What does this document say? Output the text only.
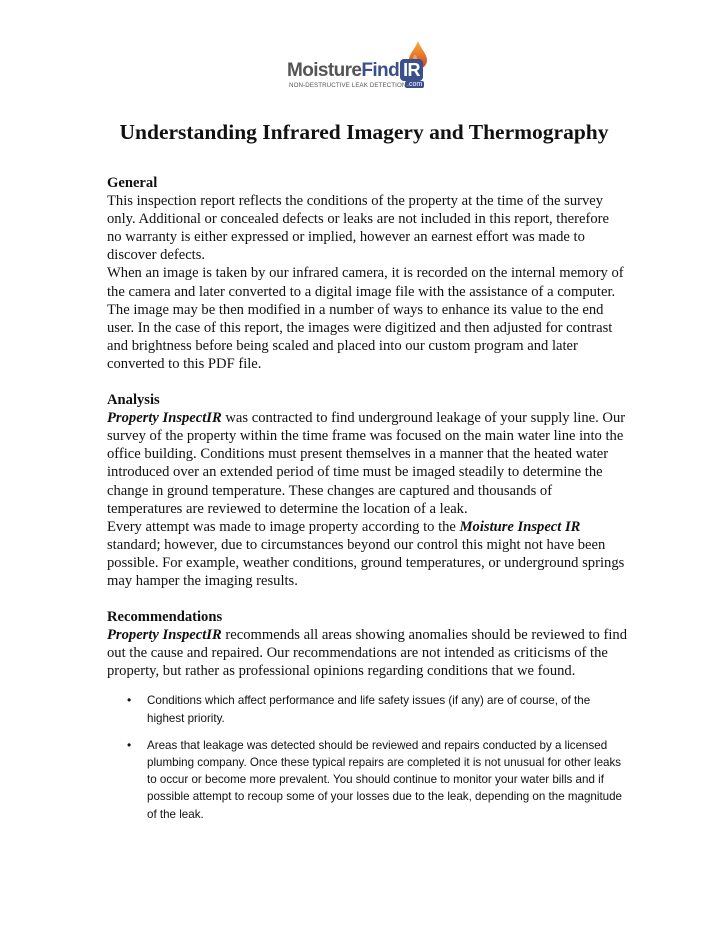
MoistureFind IR
.com
NON-DESTRUCTIVE LEAK DETECTION
Understanding Infrared Imagery and Thermography
General

This inspection report reflects the conditions of the property at the time of the survey only. Additional or concealed defects or leaks are not included in this report, therefore no warranty is either expressed or implied, however an earnest effort was made to discover defects.

When an image is taken by our infrared camera, it is recorded on the internal memory of the camera and later converted to a digital image file with the assistance of a computer. The image may be then modified in a number of ways to enhance its value to the end user. In the case of this report, the images were digitized and then adjusted for contrast and brightness before being scaled and placed into our custom program and later converted to this PDF file.

Analysis

Property InspectIR was contracted to find underground leakage of your supply line. Our survey of the property within the time frame was focused on the main water line into the office building. Conditions must present themselves in a manner that the heated water introduced over an extended period of time must be imaged steadily to determine the change in ground temperature. These changes are captured and thousands of temperatures are reviewed to determine the location of a leak.

Every attempt was made to image property according to the Moisture Inspect IR standard; however, due to circumstances beyond our control this might not have been possible. For example, weather conditions, ground temperatures, or underground springs may hamper the imaging results.

Recommendations

Property InspectIR recommends all areas showing anomalies should be reviewed to find out the cause and repaired. Our recommendations are not intended as criticisms of the property, but rather as professional opinions regarding conditions that we found.

• Conditions which affect performance and life safety issues (if any) are of course, of the highest priority.
• Areas that leakage was detected should be reviewed and repairs conducted by a licensed plumbing company. Once these typical repairs are completed it is not unusual for other leaks to occur or become more prevalent. You should continue to monitor your water bills and if possible attempt to recoup some of your losses due to the leak, depending on the magnitude of the leak.
